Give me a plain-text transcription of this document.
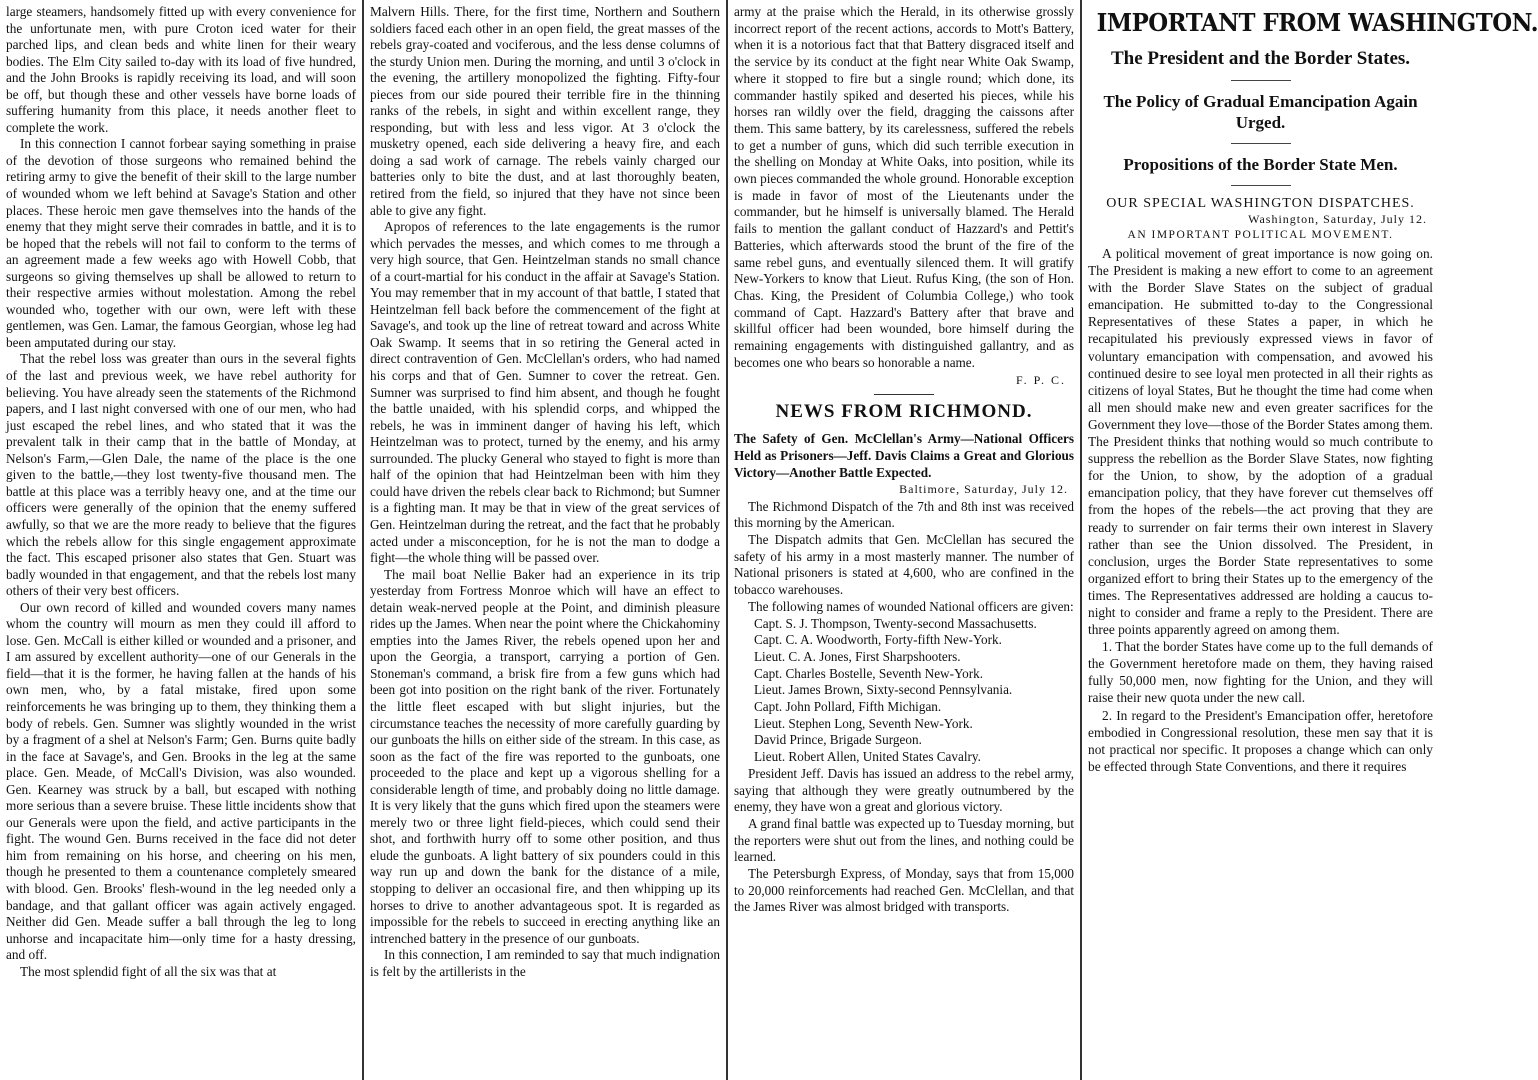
large steamers, handsomely fitted up with every convenience for the unfortunate men, with pure Croton iced water for their parched lips, and clean beds and white linen for their weary bodies. The Elm City sailed to-day with its load of five hundred, and the John Brooks is rapidly receiving its load, and will soon be off, but though these and other vessels have borne loads of suffering humanity from this place, it needs another fleet to complete the work.

In this connection I cannot forbear saying something in praise of the devotion of those surgeons who remained behind the retiring army to give the benefit of their skill to the large number of wounded whom we left behind at Savage's Station and other places. These heroic men gave themselves into the hands of the enemy that they might serve their comrades in battle, and it is to be hoped that the rebels will not fail to conform to the terms of an agreement made a few weeks ago with Howell Cobb, that surgeons so giving themselves up shall be allowed to return to their respective armies without molestation. Among the rebel wounded who, together with our own, were left with these gentlemen, was Gen. Lamar, the famous Georgian, whose leg had been amputated during our stay.

That the rebel loss was greater than ours in the several fights of the last and previous week, we have rebel authority for believing. You have already seen the statements of the Richmond papers, and I last night conversed with one of our men, who had just escaped the rebel lines, and who stated that it was the prevalent talk in their camp that in the battle of Monday, at Nelson's Farm,—Glen Dale, the name of the place is the one given to the battle,—they lost twenty-five thousand men. The battle at this place was a terribly heavy one, and at the time our officers were generally of the opinion that the enemy suffered awfully, so that we are the more ready to believe that the figures which the rebels allow for this single engagement approximate the fact. This escaped prisoner also states that Gen. Stuart was badly wounded in that engagement, and that the rebels lost many others of their very best officers.

Our own record of killed and wounded covers many names whom the country will mourn as men they could ill afford to lose. Gen. McCall is either killed or wounded and a prisoner, and I am assured by excellent authority—one of our Generals in the field—that it is the former, he having fallen at the hands of his own men, who, by a fatal mistake, fired upon some reinforcements he was bringing up to them, they thinking them a body of rebels. Gen. Sumner was slightly wounded in the wrist by a fragment of a shel at Nelson's Farm; Gen. Burns quite badly in the face at Savage's, and Gen. Brooks in the leg at the same place. Gen. Meade, of McCall's Division, was also wounded. Gen. Kearney was struck by a ball, but escaped with nothing more serious than a severe bruise. These little incidents show that our Generals were upon the field, and active participants in the fight. The wound Gen. Burns received in the face did not deter him from remaining on his horse, and cheering on his men, though he presented to them a countenance completely smeared with blood. Gen. Brooks' flesh-wound in the leg needed only a bandage, and that gallant officer was again actively engaged. Neither did Gen. Meade suffer a ball through the leg to long unhorse and incapacitate him—only time for a hasty dressing, and off.

The most splendid fight of all the six was that at

Malvern Hills. There, for the first time, Northern and Southern soldiers faced each other in an open field, the great masses of the rebels gray-coated and vociferous, and the less dense columns of the sturdy Union men. During the morning, and until 3 o'clock in the evening, the artillery monopolized the fighting. Fifty-four pieces from our side poured their terrible fire in the thinning ranks of the rebels, in sight and within excellent range, they responding, but with less and less vigor. At 3 o'clock the musketry opened, each side delivering a heavy fire, and each doing a sad work of carnage. The rebels vainly charged our batteries only to bite the dust, and at last thoroughly beaten, retired from the field, so injured that they have not since been able to give any fight.

Apropos of references to the late engagements is the rumor which pervades the messes, and which comes to me through a very high source, that Gen. Heintzelman stands no small chance of a court-martial for his conduct in the affair at Savage's Station. You may remember that in my account of that battle, I stated that Heintzelman fell back before the commencement of the fight at Savage's, and took up the line of retreat toward and across White Oak Swamp. It seems that in so retiring the General acted in direct contravention of Gen. McClellan's orders, who had named his corps and that of Gen. Sumner to cover the retreat. Gen. Sumner was surprised to find him absent, and though he fought the battle unaided, with his splendid corps, and whipped the rebels, he was in imminent danger of having his left, which Heintzelman was to protect, turned by the enemy, and his army surrounded. The plucky General who stayed to fight is more than half of the opinion that had Heintzelman been with him they could have driven the rebels clear back to Richmond; but Sumner is a fighting man. It may be that in view of the great services of Gen. Heintzelman during the retreat, and the fact that he probably acted under a misconception, for he is not the man to dodge a fight—the whole thing will be passed over.

The mail boat Nellie Baker had an experience in its trip yesterday from Fortress Monroe which will have an effect to detain weak-nerved people at the Point, and diminish pleasure rides up the James. When near the point where the Chickahominy empties into the James River, the rebels opened upon her and upon the Georgia, a transport, carrying a portion of Gen. Stoneman's command, a brisk fire from a few guns which had been got into position on the right bank of the river. Fortunately the little fleet escaped with but slight injuries, but the circumstance teaches the necessity of more carefully guarding by our gunboats the hills on either side of the stream. In this case, as soon as the fact of the fire was reported to the gunboats, one proceeded to the place and kept up a vigorous shelling for a considerable length of time, and probably doing no little damage. It is very likely that the guns which fired upon the steamers were merely two or three light field-pieces, which could send their shot, and forthwith hurry off to some other position, and thus elude the gunboats. A light battery of six pounders could in this way run up and down the bank for the distance of a mile, stopping to deliver an occasional fire, and then whipping up its horses to drive to another advantageous spot. It is regarded as impossible for the rebels to succeed in erecting anything like an intrenched battery in the presence of our gunboats.

In this connection, I am reminded to say that much indignation is felt by the artillerists in the

army at the praise which the Herald, in its otherwise grossly incorrect report of the recent actions, accords to Mott's Battery, when it is a notorious fact that that Battery disgraced itself and the service by its conduct at the fight near White Oak Swamp, where it stopped to fire but a single round; which done, its commander hastily spiked and deserted his pieces, while his horses ran wildly over the field, dragging the caissons after them. This same battery, by its carelessness, suffered the rebels to get a number of guns, which did such terrible execution in the shelling on Monday at White Oaks, into position, while its own pieces commanded the whole ground. Honorable exception is made in favor of most of the Lieutenants under the commander, but he himself is universally blamed. The Herald fails to mention the gallant conduct of Hazzard's and Pettit's Batteries, which afterwards stood the brunt of the fire of the same rebel guns, and eventually silenced them. It will gratify New-Yorkers to know that Lieut. Rufus King, (the son of Hon. Chas. King, the President of Columbia College,) who took command of Capt. Hazzard's Battery after that brave and skillful officer had been wounded, bore himself during the remaining engagements with distinguished gallantry, and as becomes one who bears so honorable a name.

F. P. C.
NEWS FROM RICHMOND.

The Safety of Gen. McClellan's Army—National Officers Held as Prisoners—Jeff. Davis Claims a Great and Glorious Victory—Another Battle Expected.

Baltimore, Saturday, July 12.

The Richmond Dispatch of the 7th and 8th inst was received this morning by the American.

The Dispatch admits that Gen. McClellan has secured the safety of his army in a most masterly manner. The number of National prisoners is stated at 4,600, who are confined in the tobacco warehouses.

The following names of wounded National officers are given:

Capt. S. J. Thompson, Twenty-second Massachusetts.
Capt. C. A. Woodworth, Forty-fifth New-York.
Lieut. C. A. Jones, First Sharpshooters.
Capt. Charles Bostelle, Seventh New-York.
Lieut. James Brown, Sixty-second Pennsylvania.
Capt. John Pollard, Fifth Michigan.
Lieut. Stephen Long, Seventh New-York.
David Prince, Brigade Surgeon.
Lieut. Robert Allen, United States Cavalry.

President Jeff. Davis has issued an address to the rebel army, saying that although they were greatly outnumbered by the enemy, they have won a great and glorious victory.

A grand final battle was expected up to Tuesday morning, but the reporters were shut out from the lines, and nothing could be learned.

The Petersburgh Express, of Monday, says that from 15,000 to 20,000 reinforcements had reached Gen. McClellan, and that the James River was almost bridged with transports.

IMPORTANT FROM WASHINGTON.
The President and the Border States.
The Policy of Gradual Emancipation Again Urged.
Propositions of the Border State Men.
OUR SPECIAL WASHINGTON DISPATCHES.
Washington, Saturday, July 12.
AN IMPORTANT POLITICAL MOVEMENT.

A political movement of great importance is now going on. The President is making a new effort to come to an agreement with the Border Slave States on the subject of gradual emancipation. He submitted to-day to the Congressional Representatives of these States a paper, in which he recapitulated his previously expressed views in favor of voluntary emancipation with compensation, and avowed his continued desire to see loyal men protected in all their rights as citizens of loyal States, But he thought the time had come when all men should make new and even greater sacrifices for the Government they love—those of the Border States among them. The President thinks that nothing would so much contribute to suppress the rebellion as the Border Slave States, now fighting for the Union, to show, by the adoption of a gradual emancipation policy, that they have forever cut themselves off from the hopes of the rebels—the act proving that they are ready to surrender on fair terms their own interest in Slavery rather than see the Union dissolved. The President, in conclusion, urges the Border State representatives to some organized effort to bring their States up to the emergency of the times. The Representatives addressed are holding a caucus to-night to consider and frame a reply to the President. There are three points apparently agreed on among them.

1. That the border States have come up to the full demands of the Government heretofore made on them, they having raised fully 50,000 men, now fighting for the Union, and they will raise their new quota under the new call.

2. In regard to the President's Emancipation offer, heretofore embodied in Congressional resolution, these men say that it is not practical nor specific. It proposes a change which can only be effected through State Conventions, and there it requires
